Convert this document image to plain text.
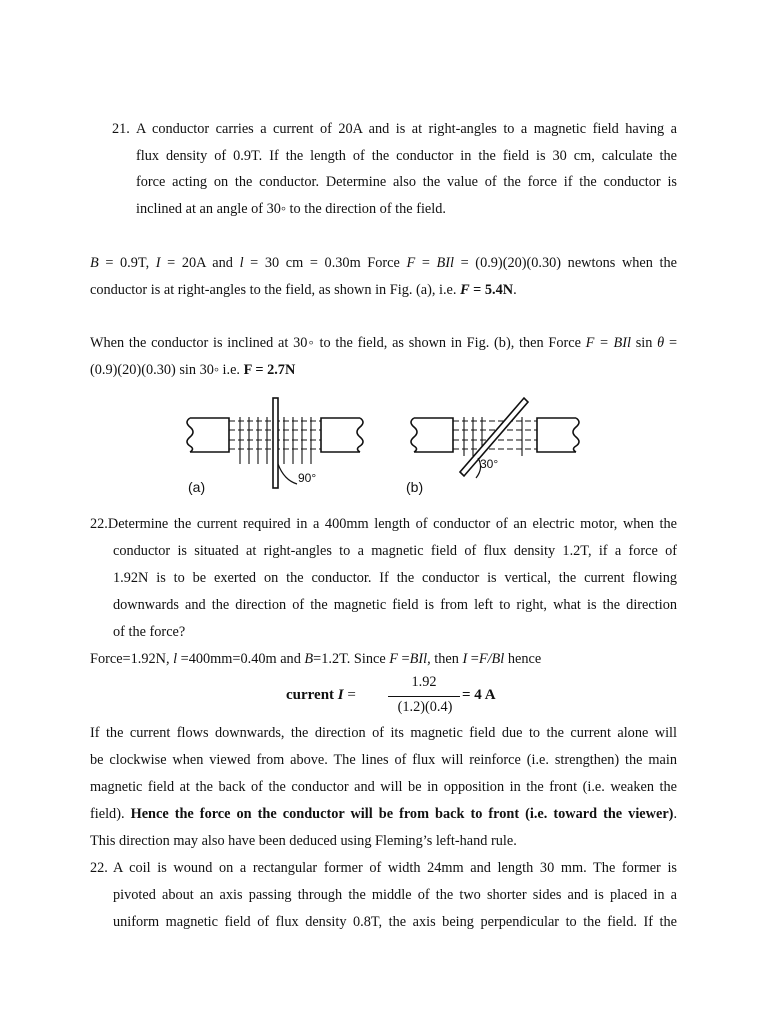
21. A conductor carries a current of 20A and is at right-angles to a magnetic field having a
flux density of 0.9T. If the length of the conductor in the field is 30 cm, calculate the
force acting on the conductor. Determine also the value of the force if the conductor is
inclined at an angle of 30◦ to the direction of the field.
B = 0.9T, I = 20A and l = 30 cm = 0.30m Force F = BIl = (0.9)(20)(0.30) newtons when the
conductor is at right-angles to the field, as shown in Fig. (a), i.e. F = 5.4N.
When the conductor is inclined at 30◦ to the field, as shown in Fig. (b), then Force F = BIl sin θ =
(0.9)(20)(0.30) sin 30◦ i.e. F = 2.7N
(a)
90°
(b)
30°
22.Determine the current required in a 400mm length of conductor of an electric motor, when the
conductor is situated at right-angles to a magnetic field of flux density 1.2T, if a force of
1.92N is to be exerted on the conductor. If the conductor is vertical, the current flowing
downwards and the direction of the magnetic field is from left to right, what is the direction
of the force?
Force=1.92N, l =400mm=0.40m and B=1.2T. Since F =BIl, then I =F/Bl hence
current I =
1.92
(1.2)(0.4)
= 4 A
If the current flows downwards, the direction of its magnetic field due to the current alone will
be clockwise when viewed from above. The lines of flux will reinforce (i.e. strengthen) the main
magnetic field at the back of the conductor and will be in opposition in the front (i.e. weaken the
field). Hence the force on the conductor will be from back to front (i.e. toward the viewer).
This direction may also have been deduced using Fleming’s left-hand rule.
22. A coil is wound on a rectangular former of width 24mm and length 30 mm. The former is
pivoted about an axis passing through the middle of the two shorter sides and is placed in a
uniform magnetic field of flux density 0.8T, the axis being perpendicular to the field. If the
